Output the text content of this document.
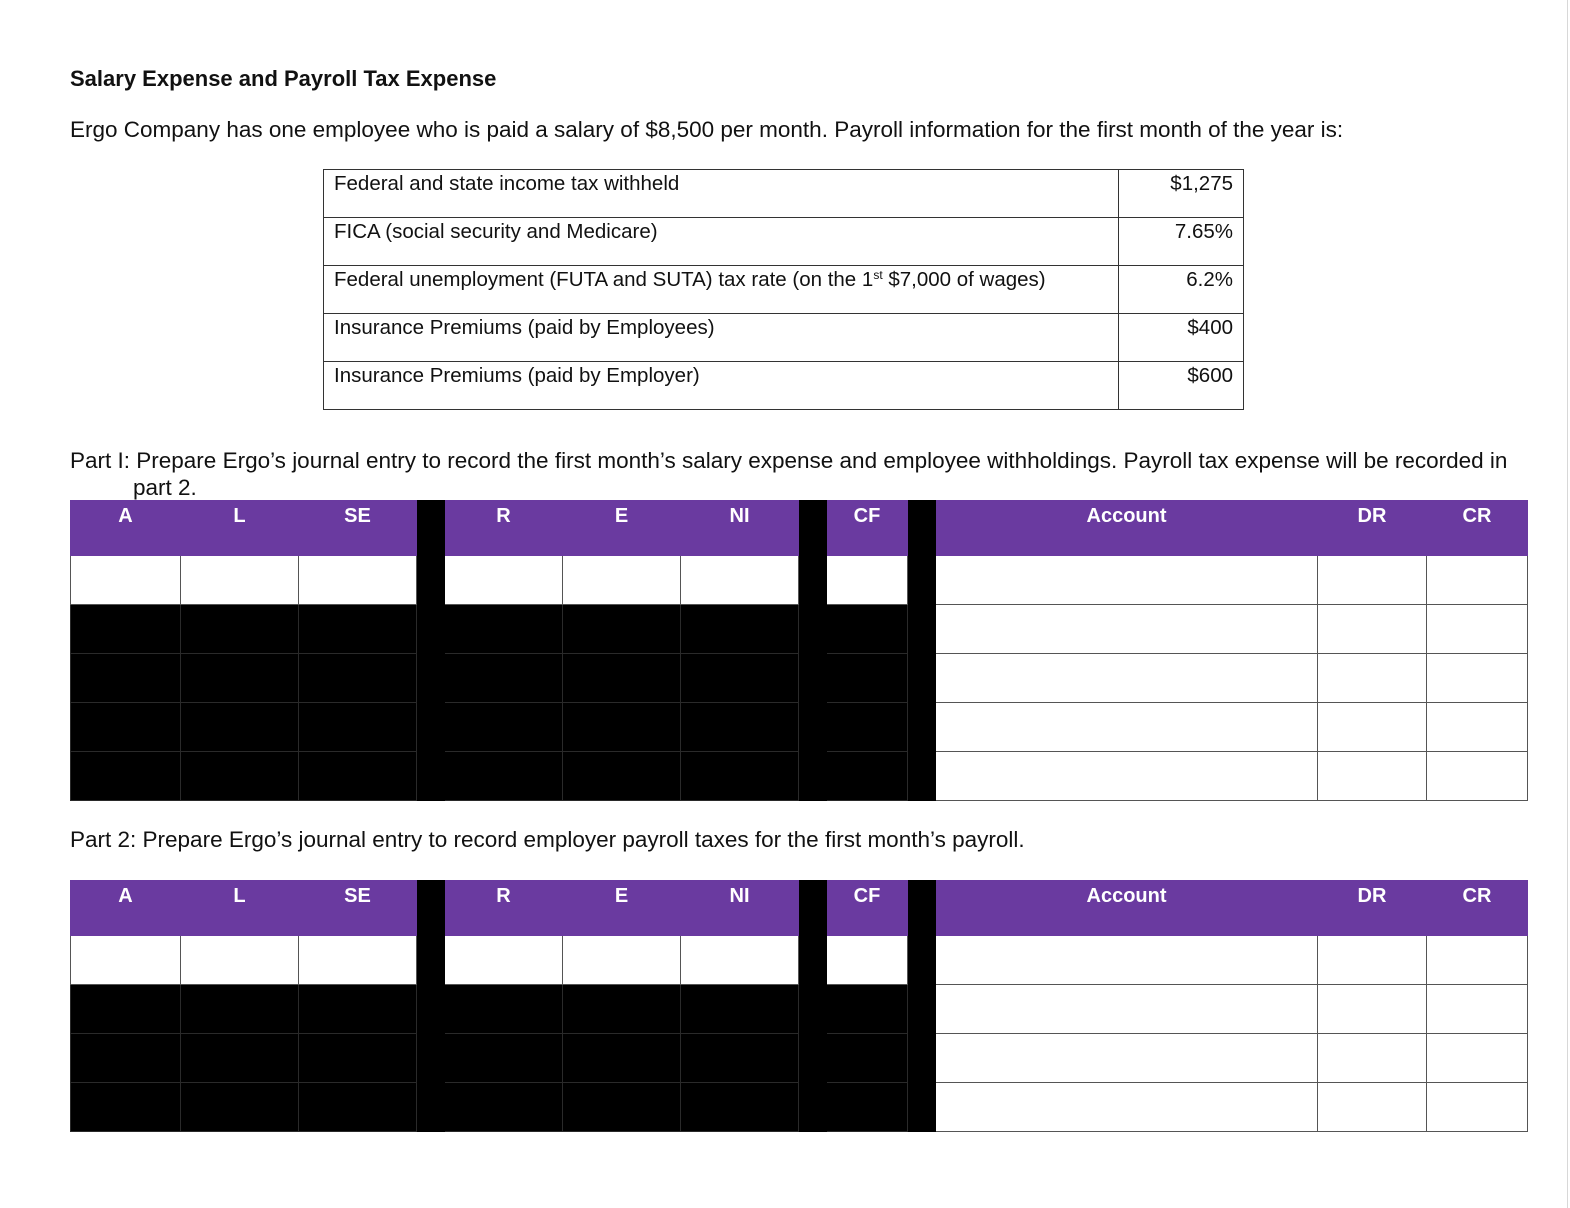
Salary Expense and Payroll Tax Expense

Ergo Company has one employee who is paid a salary of $8,500 per month. Payroll information for the first month of the year is:

Federal and state income tax withheld	$1,275
FICA (social security and Medicare)	7.65%
Federal unemployment (FUTA and SUTA) tax rate (on the 1st $7,000 of wages)	6.2%
Insurance Premiums (paid by Employees)	$400
Insurance Premiums (paid by Employer)	$600

Part I: Prepare Ergo’s journal entry to record the first month’s salary expense and employee withholdings. Payroll tax expense will be recorded in part 2.

A	L	SE		R	E	NI		CF		Account	DR	CR

Part 2: Prepare Ergo’s journal entry to record employer payroll taxes for the first month’s payroll.

A	L	SE		R	E	NI		CF		Account	DR	CR
